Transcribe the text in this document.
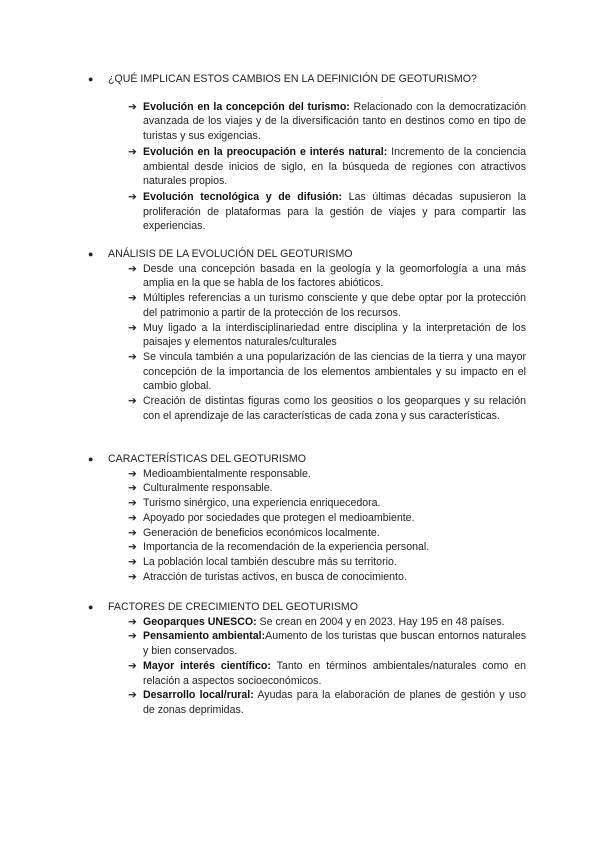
●	¿QUÉ IMPLICAN ESTOS CAMBIOS EN LA DEFINICIÓN DE GEOTURISMO?
➔ Evolución en la concepción del turismo: Relacionado con la democratización avanzada de los viajes y de la diversificación tanto en destinos como en tipo de turistas y sus exigencias.
➔ Evolución en la preocupación e interés natural: Incremento de la conciencia ambiental desde inicios de siglo, en la búsqueda de regiones con atractivos naturales propios.
➔ Evolución tecnológica y de difusión: Las últimas décadas supusieron la proliferación de plataformas para la gestión de viajes y para compartir las experiencias.
●	ANÁLISIS DE LA EVOLUCIÓN DEL GEOTURISMO
➔ Desde una concepción basada en la geología y la geomorfología a una más amplia en la que se habla de los factores abióticos.
➔ Múltiples referencias a un turismo consciente y que debe optar por la protección del patrimonio a partir de la protección de los recursos.
➔ Muy ligado a la interdisciplinariedad entre disciplina y la interpretación de los paisajes y elementos naturales/culturales
➔ Se vincula también a una popularización de las ciencias de la tierra y una mayor concepción de la importancia de los elementos ambientales y su impacto en el cambio global.
➔ Creación de distintas figuras como los geositios o los geoparques y su relación con el aprendizaje de las características de cada zona y sus características.
●	CARACTERÍSTICAS DEL GEOTURISMO
➔ Medioambientalmente responsable.
➔ Culturalmente responsable.
➔ Turismo sinérgico, una experiencia enriquecedora.
➔ Apoyado por sociedades que protegen el medioambiente.
➔ Generación de beneficios económicos localmente.
➔ Importancia de la recomendación de la experiencia personal.
➔ La población local también descubre más su territorio.
➔ Atracción de turistas activos, en busca de conocimiento.
●	FACTORES DE CRECIMIENTO DEL GEOTURISMO
➔ Geoparques UNESCO: Se crean en 2004 y en 2023. Hay 195 en 48 países.
➔ Pensamiento ambiental:Aumento de los turistas que buscan entornos naturales y bien conservados.
➔ Mayor interés científico: Tanto en términos ambientales/naturales como en relación a aspectos socioeconómicos.
➔ Desarrollo local/rural: Ayudas para la elaboración de planes de gestión y uso de zonas deprimidas.
